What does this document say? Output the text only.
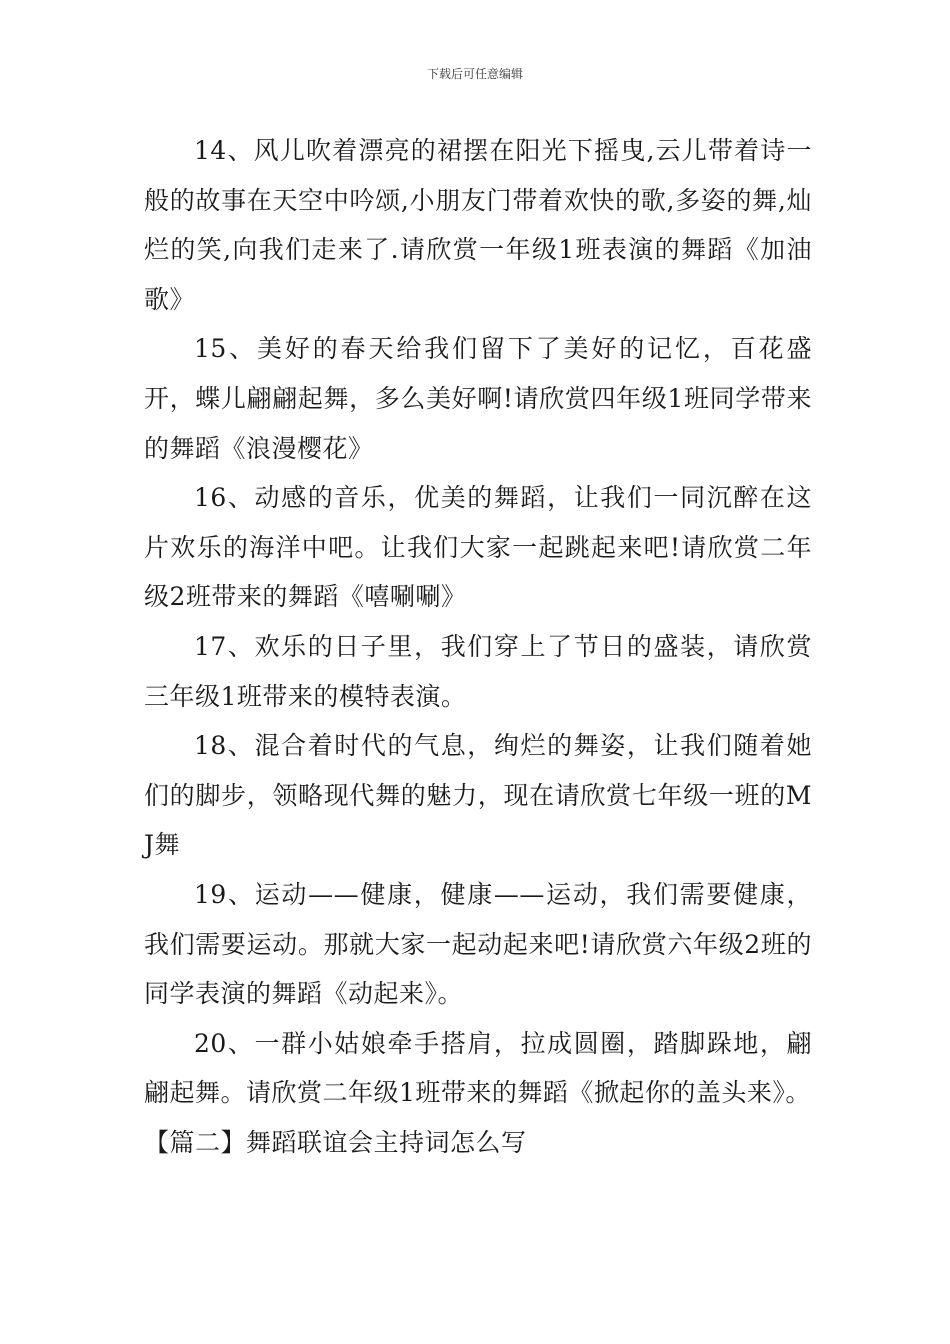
下载后可任意编辑

14、风儿吹着漂亮的裙摆在阳光下摇曳,云儿带着诗一般的故事在天空中吟颂,小朋友门带着欢快的歌,多姿的舞,灿烂的笑,向我们走来了.请欣赏一年级1班表演的舞蹈《加油歌》

15、美好的春天给我们留下了美好的记忆，百花盛开，蝶儿翩翩起舞，多么美好啊!请欣赏四年级1班同学带来的舞蹈《浪漫樱花》

16、动感的音乐，优美的舞蹈，让我们一同沉醉在这片欢乐的海洋中吧。让我们大家一起跳起来吧!请欣赏二年级2班带来的舞蹈《嘻唰唰》

17、欢乐的日子里，我们穿上了节日的盛装，请欣赏三年级1班带来的模特表演。

18、混合着时代的气息，绚烂的舞姿，让我们随着她们的脚步，领略现代舞的魅力，现在请欣赏七年级一班的MJ舞

19、运动——健康，健康——运动，我们需要健康，我们需要运动。那就大家一起动起来吧!请欣赏六年级2班的同学表演的舞蹈《动起来》。

20、一群小姑娘牵手搭肩，拉成圆圈，踏脚跺地，翩翩起舞。请欣赏二年级1班带来的舞蹈《掀起你的盖头来》。

【篇二】舞蹈联谊会主持词怎么写
